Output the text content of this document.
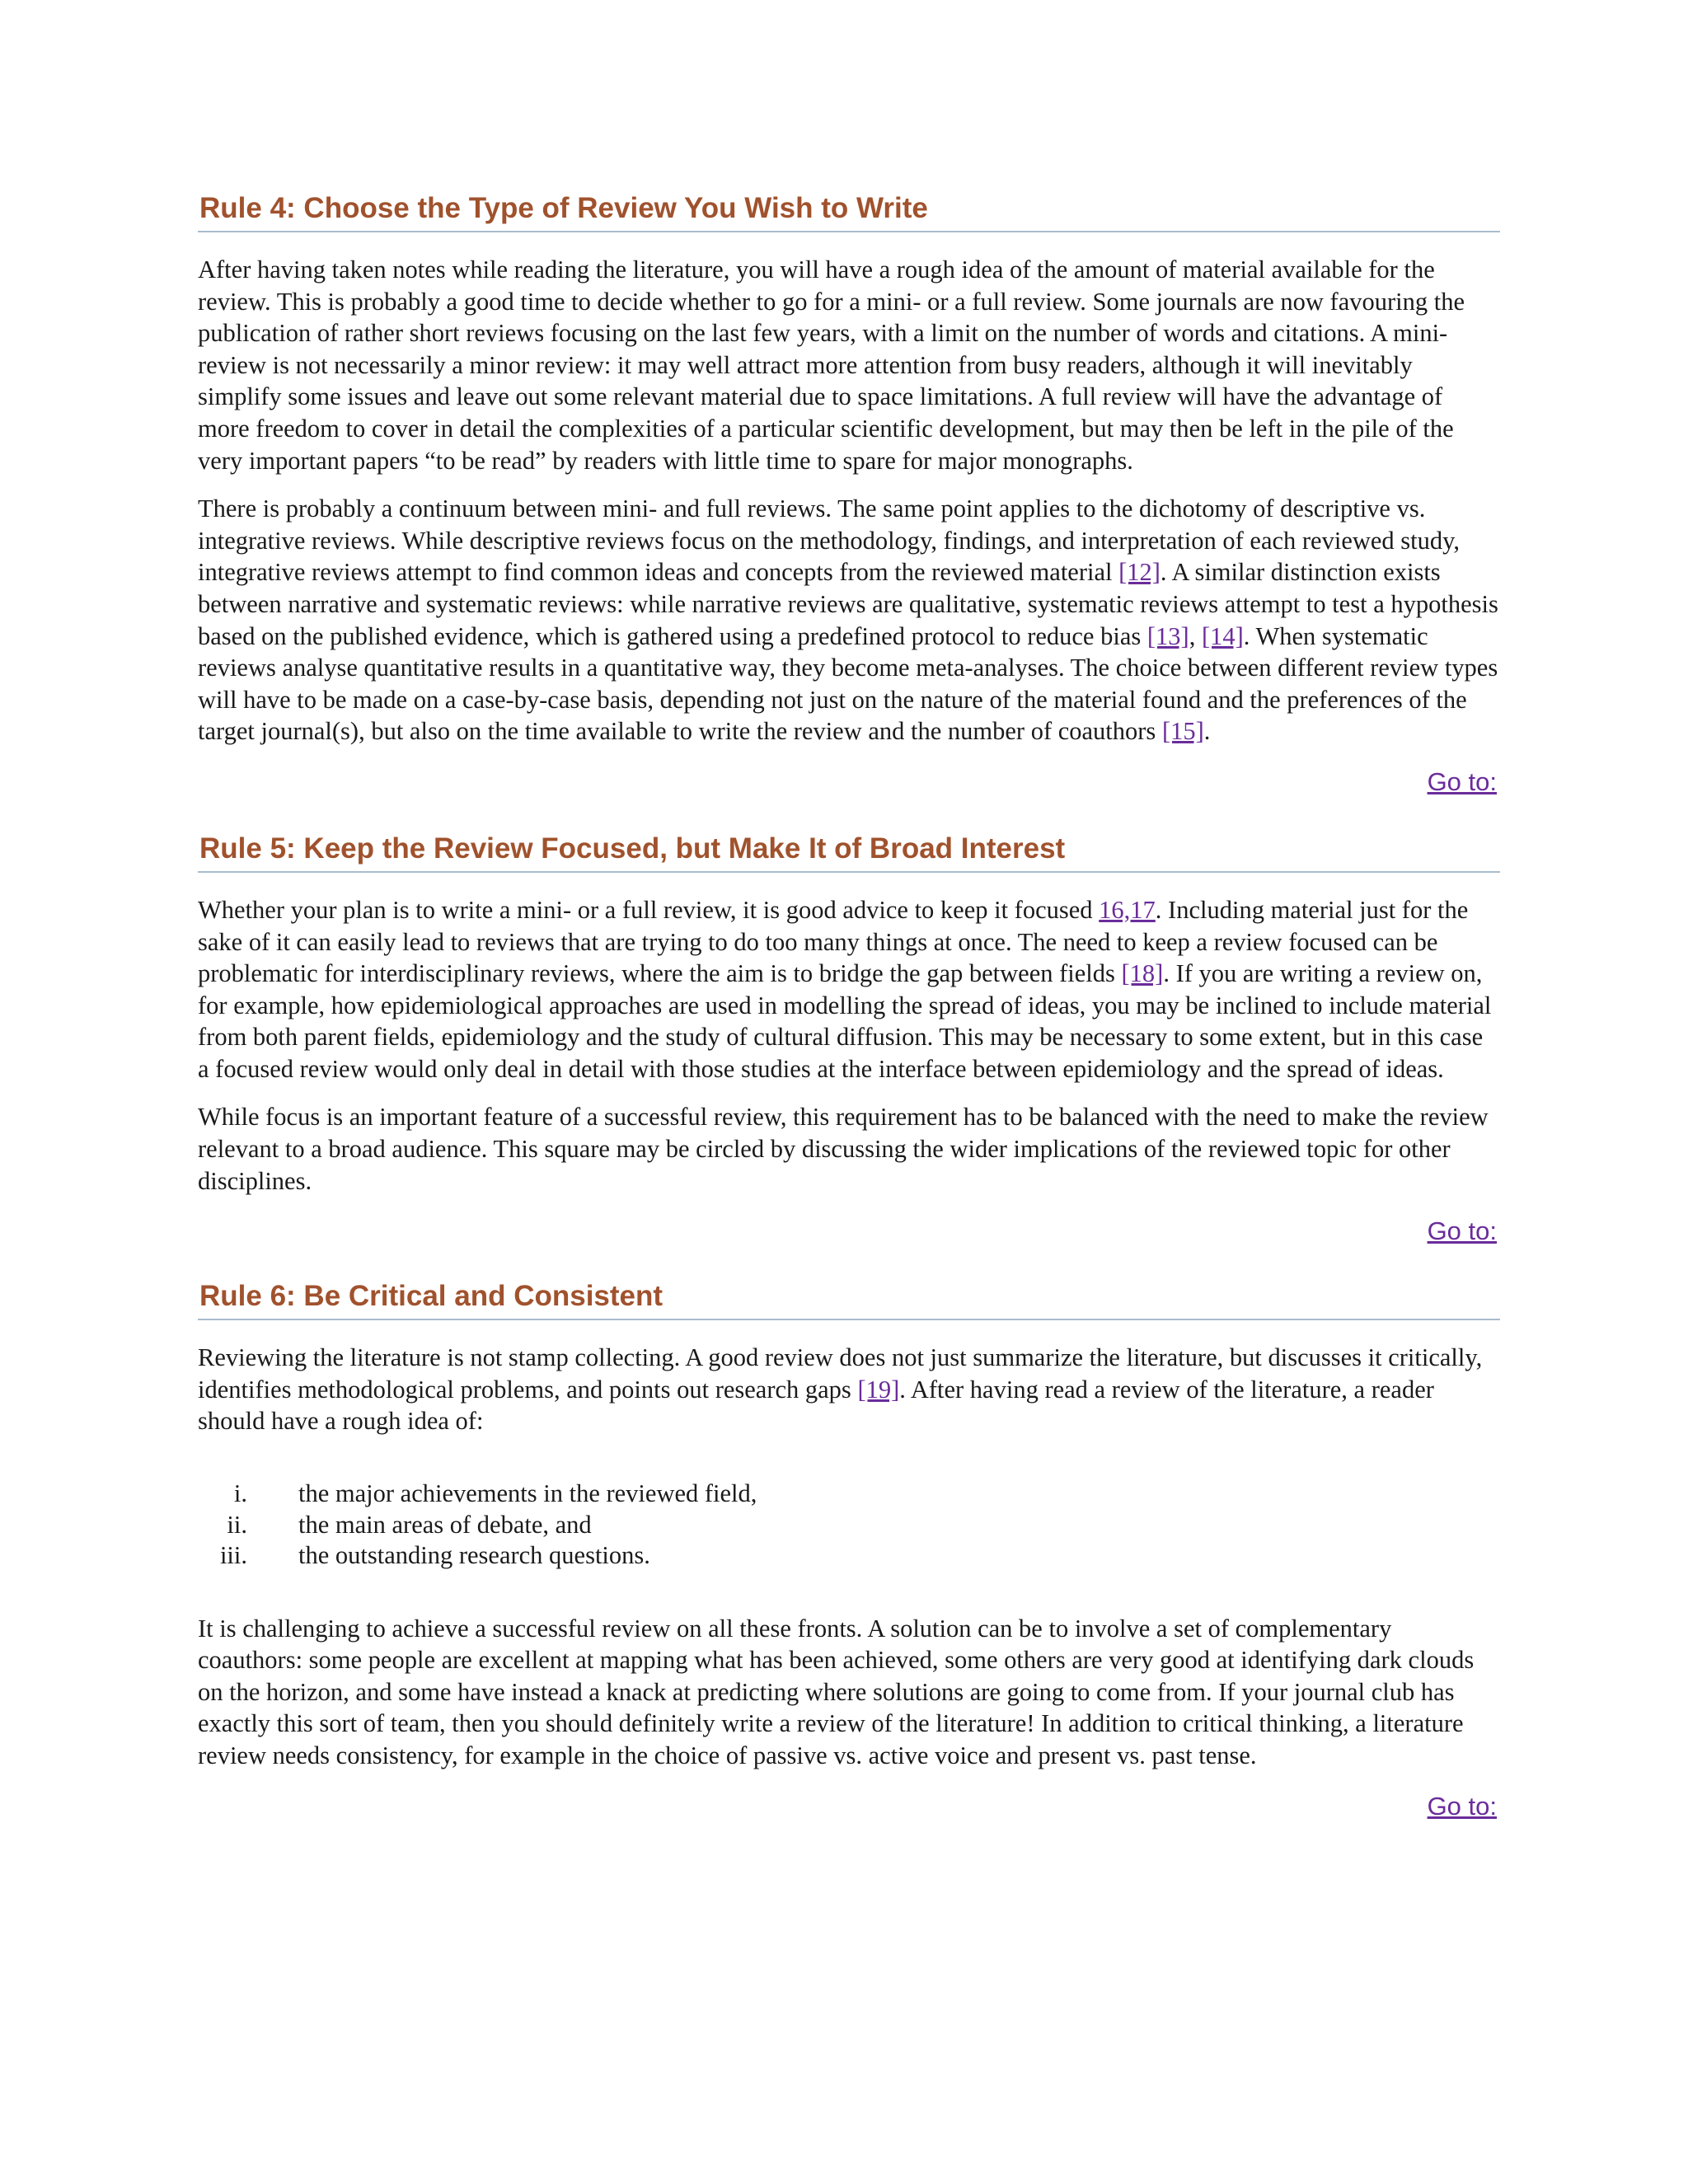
Rule 4: Choose the Type of Review You Wish to Write

After having taken notes while reading the literature, you will have a rough idea of the amount of material available for the review. This is probably a good time to decide whether to go for a mini- or a full review. Some journals are now favouring the publication of rather short reviews focusing on the last few years, with a limit on the number of words and citations. A mini-review is not necessarily a minor review: it may well attract more attention from busy readers, although it will inevitably simplify some issues and leave out some relevant material due to space limitations. A full review will have the advantage of more freedom to cover in detail the complexities of a particular scientific development, but may then be left in the pile of the very important papers “to be read” by readers with little time to spare for major monographs.

There is probably a continuum between mini- and full reviews. The same point applies to the dichotomy of descriptive vs. integrative reviews. While descriptive reviews focus on the methodology, findings, and interpretation of each reviewed study, integrative reviews attempt to find common ideas and concepts from the reviewed material [12]. A similar distinction exists between narrative and systematic reviews: while narrative reviews are qualitative, systematic reviews attempt to test a hypothesis based on the published evidence, which is gathered using a predefined protocol to reduce bias [13], [14]. When systematic reviews analyse quantitative results in a quantitative way, they become meta-analyses. The choice between different review types will have to be made on a case-by-case basis, depending not just on the nature of the material found and the preferences of the target journal(s), but also on the time available to write the review and the number of coauthors [15].

Go to:
Rule 5: Keep the Review Focused, but Make It of Broad Interest

Whether your plan is to write a mini- or a full review, it is good advice to keep it focused 16,17. Including material just for the sake of it can easily lead to reviews that are trying to do too many things at once. The need to keep a review focused can be problematic for interdisciplinary reviews, where the aim is to bridge the gap between fields [18]. If you are writing a review on, for example, how epidemiological approaches are used in modelling the spread of ideas, you may be inclined to include material from both parent fields, epidemiology and the study of cultural diffusion. This may be necessary to some extent, but in this case a focused review would only deal in detail with those studies at the interface between epidemiology and the spread of ideas.

While focus is an important feature of a successful review, this requirement has to be balanced with the need to make the review relevant to a broad audience. This square may be circled by discussing the wider implications of the reviewed topic for other disciplines.

Go to:
Rule 6: Be Critical and Consistent

Reviewing the literature is not stamp collecting. A good review does not just summarize the literature, but discusses it critically, identifies methodological problems, and points out research gaps [19]. After having read a review of the literature, a reader should have a rough idea of:

i. the major achievements in the reviewed field,
ii. the main areas of debate, and
iii. the outstanding research questions.

It is challenging to achieve a successful review on all these fronts. A solution can be to involve a set of complementary coauthors: some people are excellent at mapping what has been achieved, some others are very good at identifying dark clouds on the horizon, and some have instead a knack at predicting where solutions are going to come from. If your journal club has exactly this sort of team, then you should definitely write a review of the literature! In addition to critical thinking, a literature review needs consistency, for example in the choice of passive vs. active voice and present vs. past tense.

Go to:
